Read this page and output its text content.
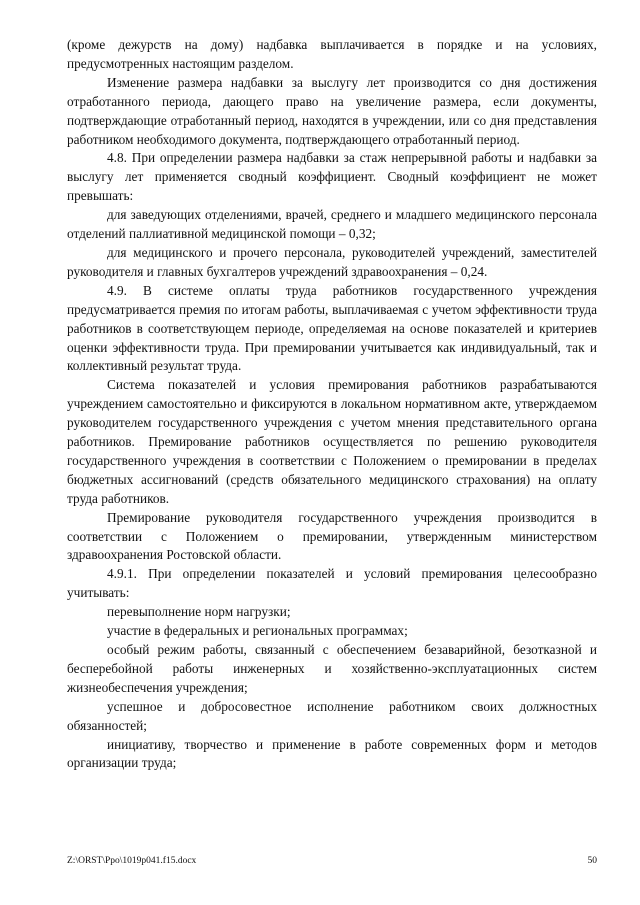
(кроме дежурств на дому) надбавка выплачивается в порядке и на условиях, предусмотренных настоящим разделом.

Изменение размера надбавки за выслугу лет производится со дня достижения отработанного периода, дающего право на увеличение размера, если документы, подтверждающие отработанный период, находятся в учреждении, или со дня представления работником необходимого документа, подтверждающего отработанный период.

4.8. При определении размера надбавки за стаж непрерывной работы и надбавки за выслугу лет применяется сводный коэффициент. Сводный коэффициент не может превышать:

для заведующих отделениями, врачей, среднего и младшего медицинского персонала отделений паллиативной медицинской помощи – 0,32;

для медицинского и прочего персонала, руководителей учреждений, заместителей руководителя и главных бухгалтеров учреждений здравоохранения – 0,24.

4.9. В системе оплаты труда работников государственного учреждения предусматривается премия по итогам работы, выплачиваемая с учетом эффективности труда работников в соответствующем периоде, определяемая на основе показателей и критериев оценки эффективности труда. При премировании учитывается как индивидуальный, так и коллективный результат труда.

Система показателей и условия премирования работников разрабатываются учреждением самостоятельно и фиксируются в локальном нормативном акте, утверждаемом руководителем государственного учреждения с учетом мнения представительного органа работников. Премирование работников осуществляется по решению руководителя государственного учреждения в соответствии с Положением о премировании в пределах бюджетных ассигнований (средств обязательного медицинского страхования) на оплату труда работников.

Премирование руководителя государственного учреждения производится в соответствии с Положением о премировании, утвержденным министерством здравоохранения Ростовской области.

4.9.1. При определении показателей и условий премирования целесообразно учитывать:

перевыполнение норм нагрузки;

участие в федеральных и региональных программах;

особый режим работы, связанный с обеспечением безаварийной, безотказной и бесперебойной работы инженерных и хозяйственно-эксплуатационных систем жизнеобеспечения учреждения;

успешное и добросовестное исполнение работником своих должностных обязанностей;

инициативу, творчество и применение в работе современных форм и методов организации труда;

Z:\ORST\Ppo\1019p041.f15.docx	50
